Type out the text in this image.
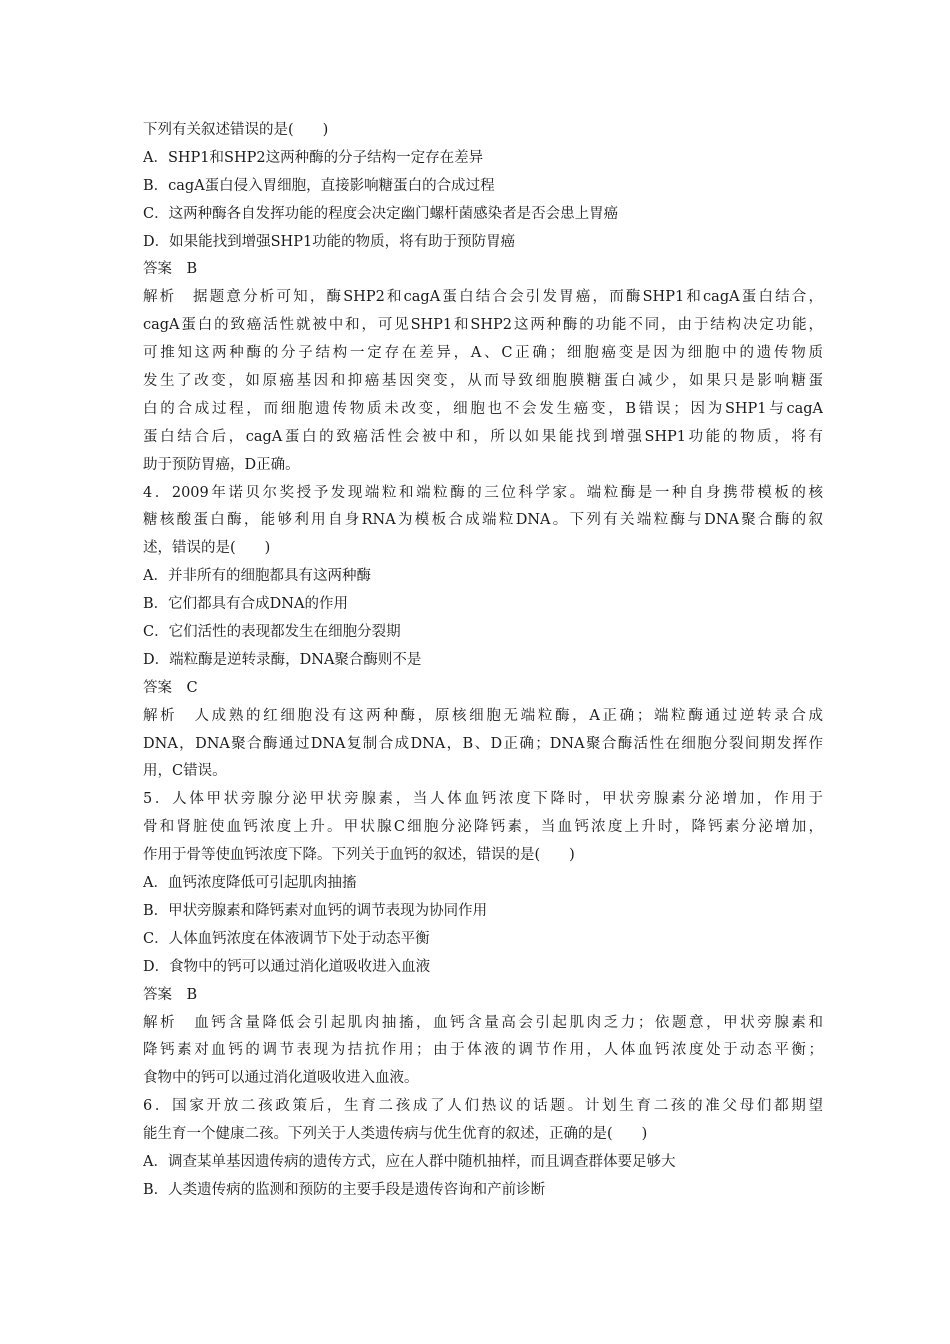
下列有关叙述错误的是(　　)
A．SHP1和SHP2这两种酶的分子结构一定存在差异
B．cagA蛋白侵入胃细胞，直接影响糖蛋白的合成过程
C．这两种酶各自发挥功能的程度会决定幽门螺杆菌感染者是否会患上胃癌
D．如果能找到增强SHP1功能的物质，将有助于预防胃癌
答案　B
解析　据题意分析可知，酶SHP2和cagA蛋白结合会引发胃癌，而酶SHP1和cagA蛋白结合，
cagA蛋白的致癌活性就被中和，可见SHP1和SHP2这两种酶的功能不同，由于结构决定功能，
可推知这两种酶的分子结构一定存在差异，A、C正确；细胞癌变是因为细胞中的遗传物质
发生了改变，如原癌基因和抑癌基因突变，从而导致细胞膜糖蛋白减少，如果只是影响糖蛋
白的合成过程，而细胞遗传物质未改变，细胞也不会发生癌变，B错误；因为SHP1与cagA
蛋白结合后，cagA蛋白的致癌活性会被中和，所以如果能找到增强SHP1功能的物质，将有
助于预防胃癌，D正确。
4．2009年诺贝尔奖授予发现端粒和端粒酶的三位科学家。端粒酶是一种自身携带模板的核
糖核酸蛋白酶，能够利用自身RNA为模板合成端粒DNA。下列有关端粒酶与DNA聚合酶的叙
述，错误的是(　　)
A．并非所有的细胞都具有这两种酶
B．它们都具有合成DNA的作用
C．它们活性的表现都发生在细胞分裂期
D．端粒酶是逆转录酶，DNA聚合酶则不是
答案　C
解析　人成熟的红细胞没有这两种酶，原核细胞无端粒酶，A正确；端粒酶通过逆转录合成
DNA，DNA聚合酶通过DNA复制合成DNA，B、D正确；DNA聚合酶活性在细胞分裂间期发挥作
用，C错误。
5．人体甲状旁腺分泌甲状旁腺素，当人体血钙浓度下降时，甲状旁腺素分泌增加，作用于
骨和肾脏使血钙浓度上升。甲状腺C细胞分泌降钙素，当血钙浓度上升时，降钙素分泌增加，
作用于骨等使血钙浓度下降。下列关于血钙的叙述，错误的是(　　)
A．血钙浓度降低可引起肌肉抽搐
B．甲状旁腺素和降钙素对血钙的调节表现为协同作用
C．人体血钙浓度在体液调节下处于动态平衡
D．食物中的钙可以通过消化道吸收进入血液
答案　B
解析　血钙含量降低会引起肌肉抽搐，血钙含量高会引起肌肉乏力；依题意，甲状旁腺素和
降钙素对血钙的调节表现为拮抗作用；由于体液的调节作用，人体血钙浓度处于动态平衡；
食物中的钙可以通过消化道吸收进入血液。
6．国家开放二孩政策后，生育二孩成了人们热议的话题。计划生育二孩的准父母们都期望
能生育一个健康二孩。下列关于人类遗传病与优生优育的叙述，正确的是(　　)
A．调查某单基因遗传病的遗传方式，应在人群中随机抽样，而且调查群体要足够大
B．人类遗传病的监测和预防的主要手段是遗传咨询和产前诊断
